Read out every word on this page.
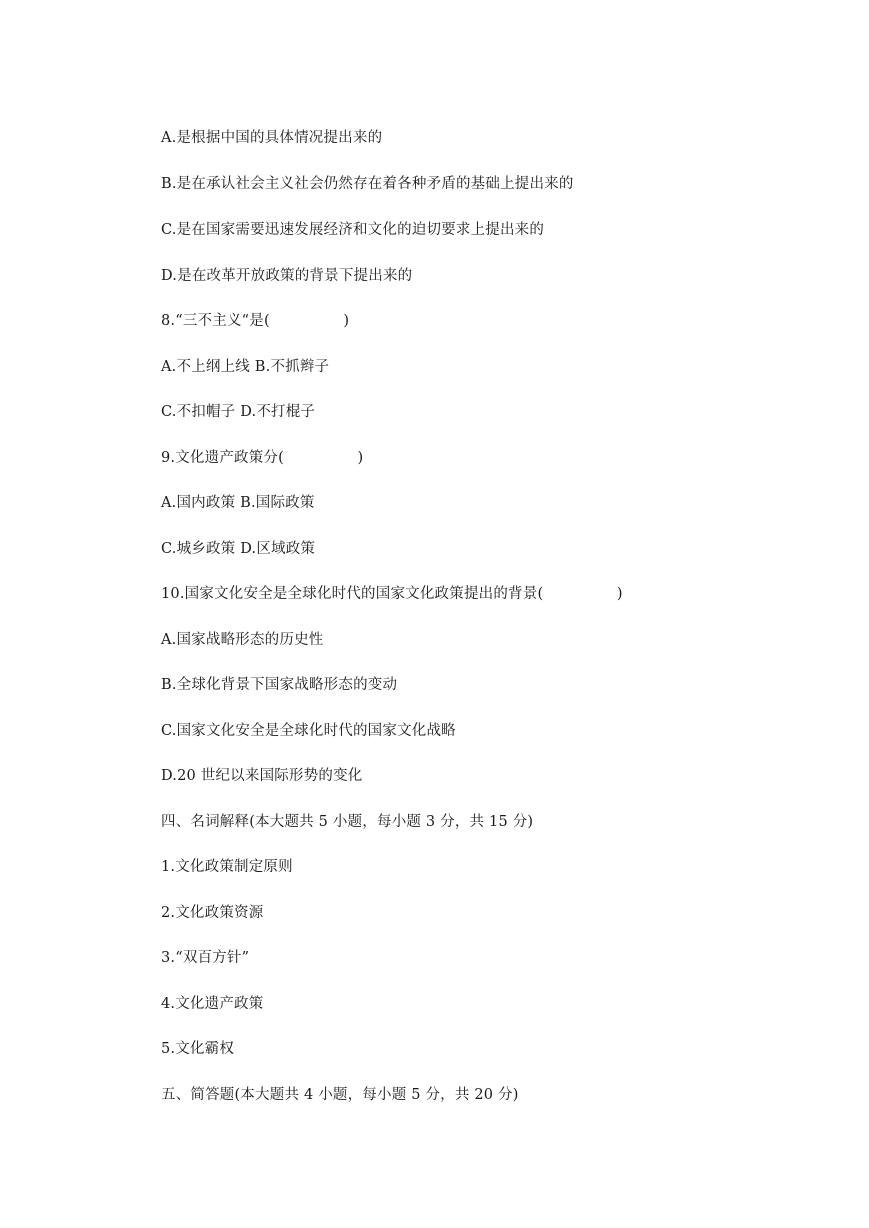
A.是根据中国的具体情况提出来的
B.是在承认社会主义社会仍然存在着各种矛盾的基础上提出来的
C.是在国家需要迅速发展经济和文化的迫切要求上提出来的
D.是在改革开放政策的背景下提出来的
8.“三不主义“是(　　　　　)
A.不上纲上线 B.不抓辫子
C.不扣帽子 D.不打棍子
9.文化遗产政策分(　　　　　)
A.国内政策 B.国际政策
C.城乡政策 D.区域政策
10.国家文化安全是全球化时代的国家文化政策提出的背景(　　　　　)
A.国家战略形态的历史性
B.全球化背景下国家战略形态的变动
C.国家文化安全是全球化时代的国家文化战略
D.20 世纪以来国际形势的变化
四、名词解释(本大题共 5 小题，每小题 3 分，共 15 分)
1.文化政策制定原则
2.文化政策资源
3.“双百方针”
4.文化遗产政策
5.文化霸权
五、简答题(本大题共 4 小题，每小题 5 分，共 20 分)
